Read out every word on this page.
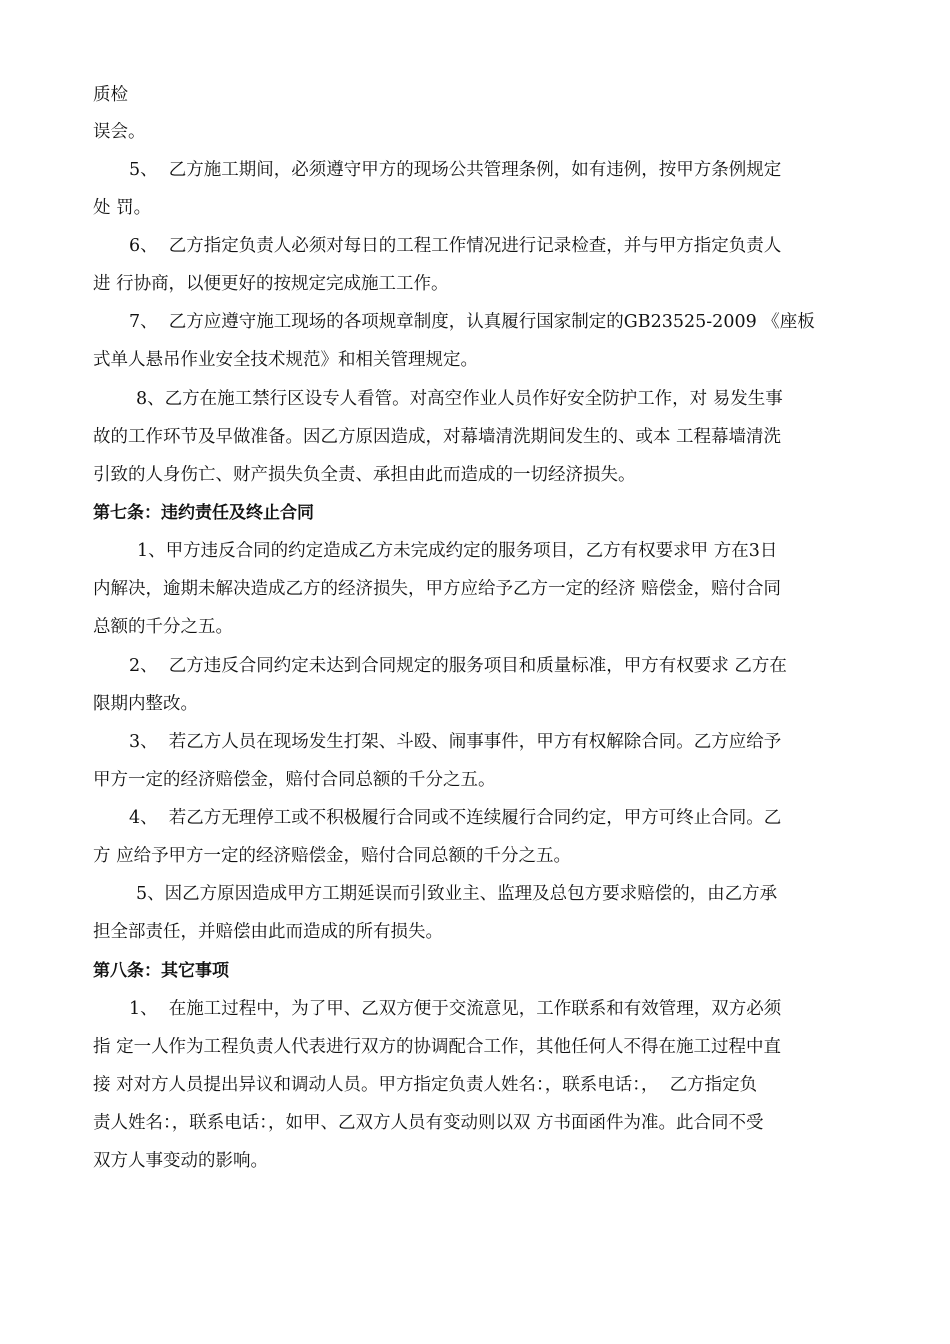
质检
误会。
5、  乙方施工期间，必须遵守甲方的现场公共管理条例，如有违例，按甲方条例规定
处 罚。
6、  乙方指定负责人必须对每日的工程工作情况进行记录检查，并与甲方指定负责人
进 行协商，以便更好的按规定完成施工工作。
7、  乙方应遵守施工现场的各项规章制度，认真履行国家制定的GB23525-2009 《座板
式单人悬吊作业安全技术规范》和相关管理规定。
8、乙方在施工禁行区设专人看管。对高空作业人员作好安全防护工作，对 易发生事
故的工作环节及早做准备。因乙方原因造成，对幕墙清洗期间发生的、或本 工程幕墙清洗
引致的人身伤亡、财产损失负全责、承担由此而造成的一切经济损失。
第七条：违约责任及终止合同
1、甲方违反合同的约定造成乙方未完成约定的服务项目，乙方有权要求甲 方在3日
内解决，逾期未解决造成乙方的经济损失，甲方应给予乙方一定的经济 赔偿金，赔付合同
总额的千分之五。
2、  乙方违反合同约定未达到合同规定的服务项目和质量标准，甲方有权要求 乙方在
限期内整改。
3、  若乙方人员在现场发生打架、斗殴、闹事事件，甲方有权解除合同。乙方应给予
甲方一定的经济赔偿金，赔付合同总额的千分之五。
4、  若乙方无理停工或不积极履行合同或不连续履行合同约定，甲方可终止合同。乙
方 应给予甲方一定的经济赔偿金，赔付合同总额的千分之五。
5、因乙方原因造成甲方工期延误而引致业主、监理及总包方要求赔偿的，由乙方承
担全部责任，并赔偿由此而造成的所有损失。
第八条：其它事项
1、  在施工过程中，为了甲、乙双方便于交流意见，工作联系和有效管理，双方必须
指 定一人作为工程负责人代表进行双方的协调配合工作，其他任何人不得在施工过程中直
接 对对方人员提出异议和调动人员。甲方指定负责人姓名：，联系电话：，  乙方指定负
责人姓名：，联系电话：，如甲、乙双方人员有变动则以双 方书面函件为准。此合同不受
双方人事变动的影响。
